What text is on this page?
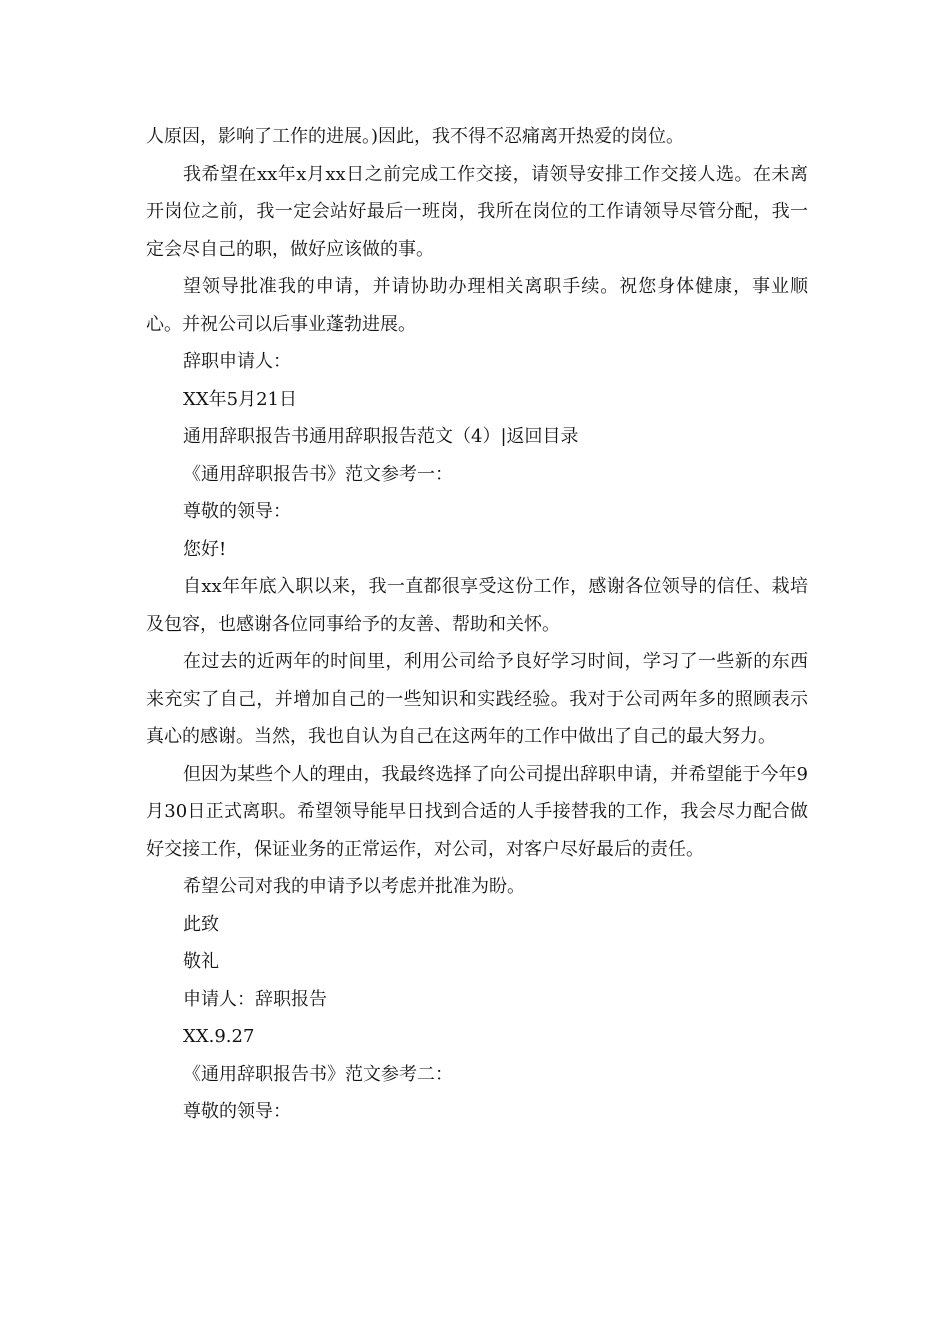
人原因，影响了工作的进展。)因此，我不得不忍痛离开热爱的岗位。

我希望在xx年x月xx日之前完成工作交接，请领导安排工作交接人选。在未离开岗位之前，我一定会站好最后一班岗，我所在岗位的工作请领导尽管分配，我一定会尽自己的职，做好应该做的事。

望领导批准我的申请，并请协助办理相关离职手续。祝您身体健康，事业顺心。并祝公司以后事业蓬勃进展。

辞职申请人：

XX年5月21日

通用辞职报告书通用辞职报告范文（4）|返回目录

《通用辞职报告书》范文参考一：

尊敬的领导：

您好!

自xx年年底入职以来，我一直都很享受这份工作，感谢各位领导的信任、栽培及包容，也感谢各位同事给予的友善、帮助和关怀。

在过去的近两年的时间里，利用公司给予良好学习时间，学习了一些新的东西来充实了自己，并增加自己的一些知识和实践经验。我对于公司两年多的照顾表示真心的感谢。当然，我也自认为自己在这两年的工作中做出了自己的最大努力。

但因为某些个人的理由，我最终选择了向公司提出辞职申请，并希望能于今年9月30日正式离职。希望领导能早日找到合适的人手接替我的工作，我会尽力配合做好交接工作，保证业务的正常运作，对公司，对客户尽好最后的责任。

希望公司对我的申请予以考虑并批准为盼。

此致

敬礼

申请人：辞职报告

XX.9.27

《通用辞职报告书》范文参考二：

尊敬的领导：
